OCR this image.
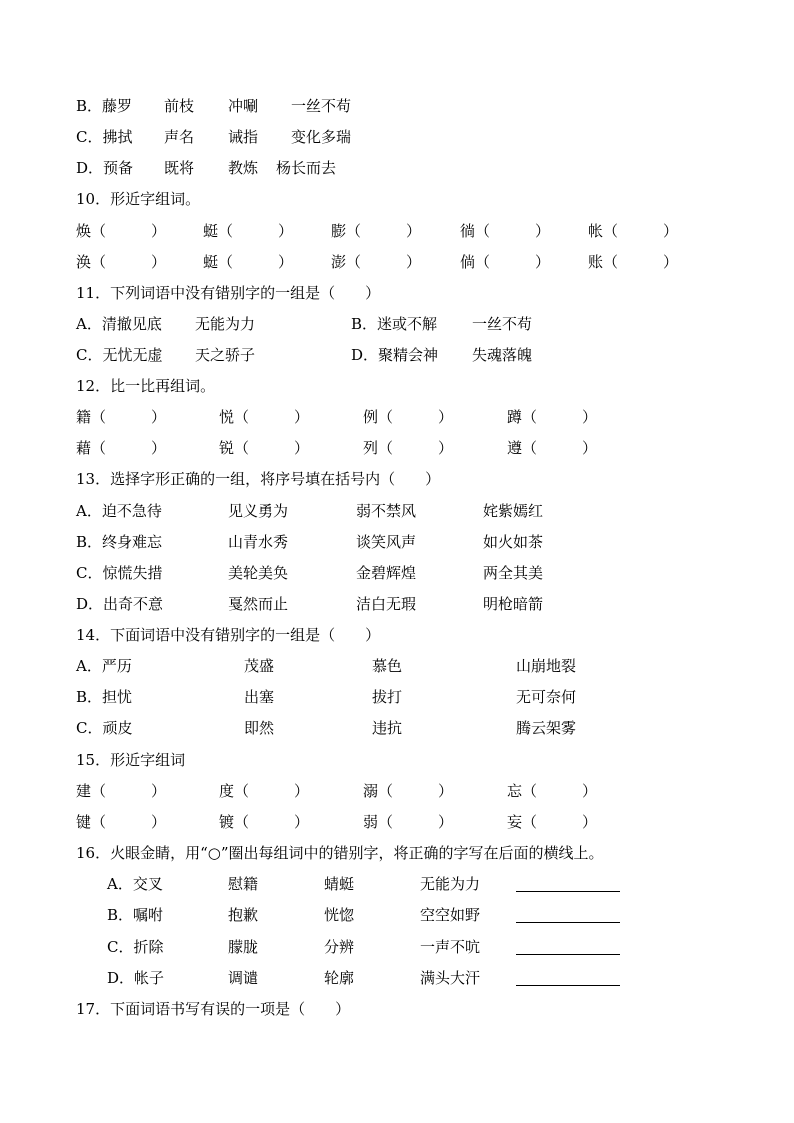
B．藤罗 前枝 冲唰 一丝不苟
C．拂拭 声名 诫指 变化多瑞
D．预备 既将 教炼 杨长而去
10．形近字组词。
焕（　　　） 蜓（　　　）	膨（　　　）	徜（　　　）	帐（　　　）
涣（　　　） 蜓（　　　）	澎（　　　）	倘（　　　）	账（　　　）
11．下列词语中没有错别字的一组是（　　）
A．清撤见底 无能为力	B．迷或不解 一丝不苟
C．无忧无虚 天之骄子	D．聚精会神 失魂落魄
12．比一比再组词。
籍（　　　）	悦（　　　）	例（　　　）	蹲（　　　）
藉（　　　）	锐（　　　）	列（　　　）	遵（　　　）
13．选择字形正确的一组，将序号填在括号内（　　）
A．迫不急待	见义勇为	弱不禁风	姹紫嫣红
B．终身难忘	山青水秀	谈笑风声	如火如茶
C．惊慌失措	美轮美奂	金碧辉煌	两全其美
D．出奇不意	戛然而止	洁白无瑕	明枪暗箭
14．下面词语中没有错别字的一组是（　　）
A．严历	茂盛	慕色	山崩地裂
B．担忧	出塞	拔打	无可奈何
C．顽皮	即然	违抗	腾云架雾
15．形近字组词
建（　　　）	度（　　　）	溺（　　　）	忘（　　　）
键（　　　）	镀（　　　）	弱（　　　）	妄（　　　）
16．火眼金睛，用“○”圈出每组词中的错别字，将正确的字写在后面的横线上。
A．交叉	慰籍	蜻蜓	无能为力
B．嘱咐	抱歉	恍惚	空空如野
C．折除	朦胧	分辨	一声不吭
D．帐子	调谴	轮廓	满头大汗
17．下面词语书写有误的一项是（　　）
